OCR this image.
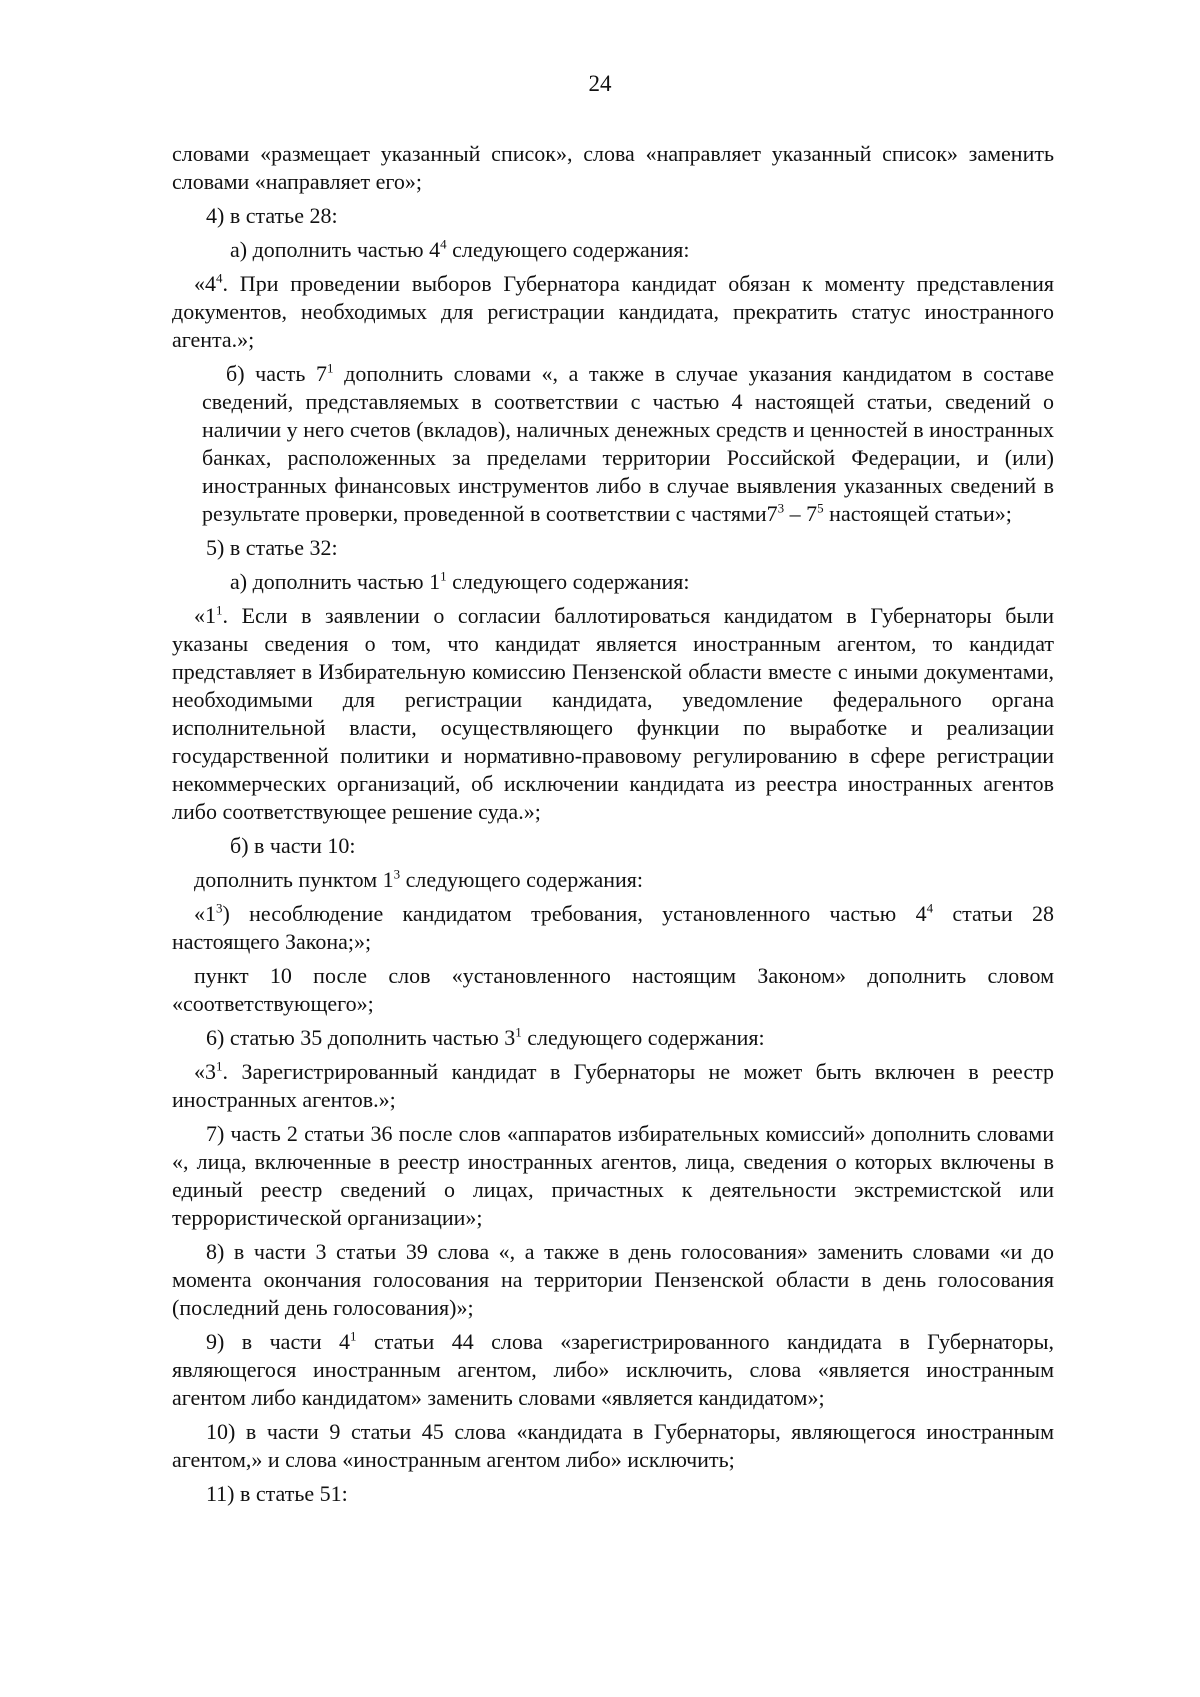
24

словами «размещает указанный список», слова «направляет указанный список» заменить словами «направляет его»;

4) в статье 28:

а) дополнить частью $4^4$ следующего содержания:

«$4^4$. При проведении выборов Губернатора кандидат обязан к моменту представления документов, необходимых для регистрации кандидата, прекратить статус иностранного агента.»;

б) часть $7^1$ дополнить словами «, а также в случае указания кандидатом в составе сведений, представляемых в соответствии с частью 4 настоящей статьи, сведений о наличии у него счетов (вкладов), наличных денежных средств и ценностей в иностранных банках, расположенных за пределами территории Российской Федерации, и (или) иностранных финансовых инструментов либо в случае выявления указанных сведений в результате проверки, проведенной в соответствии с $частями7^3 - 7^5$ настоящей статьи»;

5) в статье 32:

а) дополнить частью $1^1$ следующего содержания:

«$1^1$. Если в заявлении о согласии баллотироваться кандидатом в Губернаторы были указаны сведения о том, что кандидат является иностранным агентом, то кандидат представляет в Избирательную комиссию Пензенской области вместе с иными документами, необходимыми для регистрации кандидата, уведомление федерального органа исполнительной власти, осуществляющего функции по выработке и реализации государственной политики и нормативно-правовому регулированию в сфере регистрации некоммерческих организаций, об исключении кандидата из реестра иностранных агентов либо соответствующее решение суда.»;

б) в части 10:

дополнить пунктом $1^3$ следующего содержания:

«$1^3$) несоблюдение кандидатом требования, установленного частью $4^4$ статьи 28 настоящего Закона;»;

пункт 10 после слов «установленного настоящим Законом» дополнить словом «соответствующего»;

6) статью 35 дополнить частью $3^1$ следующего содержания:

«$3^1$. Зарегистрированный кандидат в Губернаторы не может быть включен в реестр иностранных агентов.»;

7) часть 2 статьи 36 после слов «аппаратов избирательных комиссий» дополнить словами «, лица, включенные в реестр иностранных агентов, лица, сведения о которых включены в единый реестр сведений о лицах, причастных к деятельности экстремистской или террористической организации»;

8) в части 3 статьи 39 слова «, а также в день голосования» заменить словами «и до момента окончания голосования на территории Пензенской области в день голосования (последний день голосования)»;

9) в части $4^1$ статьи 44 слова «зарегистрированного кандидата в Губернаторы, являющегося иностранным агентом, либо» исключить, слова «является иностранным агентом либо кандидатом» заменить словами «является кандидатом»;

10) в части 9 статьи 45 слова «кандидата в Губернаторы, являющегося иностранным агентом,» и слова «иностранным агентом либо» исключить;

11) в статье 51:
